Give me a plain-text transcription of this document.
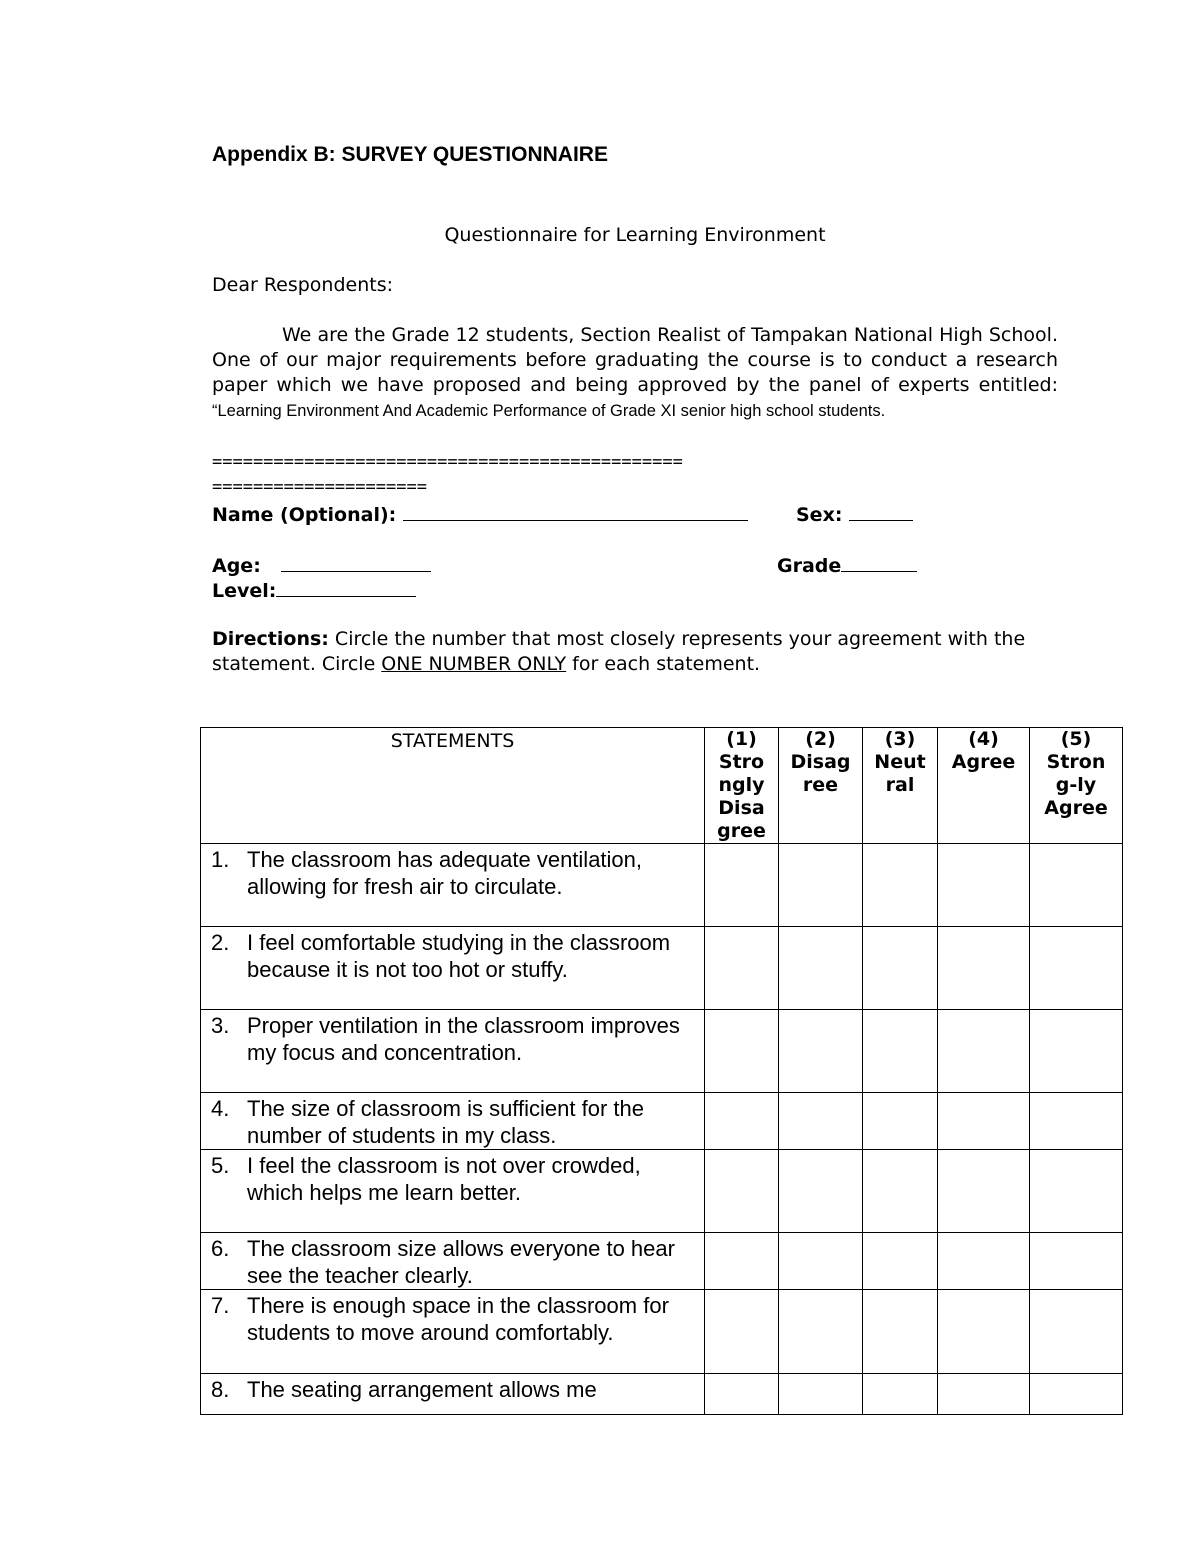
Appendix B: SURVEY QUESTIONNAIRE
Questionnaire for Learning Environment
Dear Respondents:
We are the Grade 12 students, Section Realist of Tampakan National High School. One of our major requirements before graduating the course is to conduct a research paper which we have proposed and being approved by the panel of experts entitled: “Learning Environment And Academic Performance of Grade XI senior high school students.
==============================================
=====================
Name (Optional):	Sex:
Age:	Grade
Level:
Directions: Circle the number that most closely represents your agreement with the
statement. Circle ONE NUMBER ONLY for each statement.
STATEMENTS	(1)
Stro
ngly
Disa
gree	(2)
Disag
ree	(3)
Neut
ral	(4)
Agree	(5)
Stron
g-ly
Agree

1. The classroom has adequate ventilation, allowing for fresh air to circulate.					

2. I feel comfortable studying in the classroom because it is not too hot or stuffy.					

3. Proper ventilation in the classroom improves my focus and concentration.					

4. The size of classroom is sufficient for the number of students in my class.					

5. I feel the classroom is not over crowded, which helps me learn better.					

6. The classroom size allows everyone to hear see the teacher clearly.					

7. There is enough space in the classroom for students to move around comfortably.					

8. The seating arrangement allows me					
